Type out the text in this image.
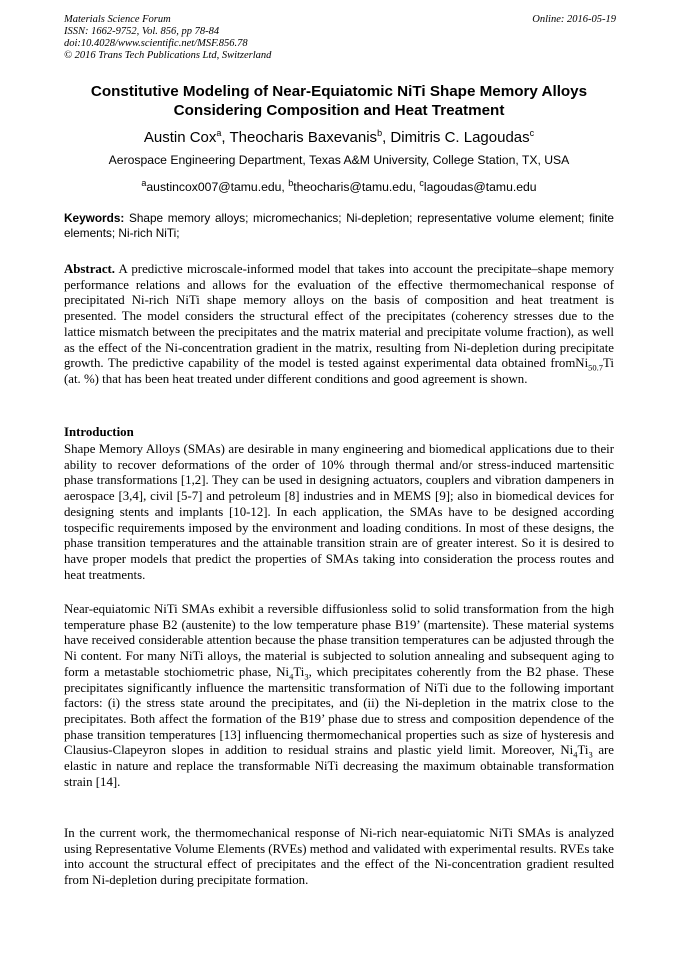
Materials Science Forum
ISSN: 1662-9752, Vol. 856, pp 78-84
doi:10.4028/www.scientific.net/MSF.856.78
© 2016 Trans Tech Publications Ltd, Switzerland
Online: 2016-05-19
Constitutive Modeling of Near-Equiatomic NiTi Shape Memory Alloys
Considering Composition and Heat Treatment
Austin Cox$^a$, Theocharis Baxevanis$^b$, Dimitris C. Lagoudas$^c$
Aerospace Engineering Department, Texas A&M University, College Station, TX, USA
$^a$austincox007@tamu.edu, $^b$theocharis@tamu.edu, $^c$lagoudas@tamu.edu
Keywords: Shape memory alloys; micromechanics; Ni-depletion; representative volume element; finite elements; Ni-rich NiTi;
Abstract. A predictive microscale-informed model that takes into account the precipitate–shape memory performance relations and allows for the evaluation of the effective thermomechanical response of precipitated Ni-rich NiTi shape memory alloys on the basis of composition and heat treatment is presented. The model considers the structural effect of the precipitates (coherency stresses due to the lattice mismatch between the precipitates and the matrix material and precipitate volume fraction), as well as the effect of the Ni-concentration gradient in the matrix, resulting from Ni-depletion during precipitate growth. The predictive capability of the model is tested against experimental data obtained fromNi$_{50.7}$Ti (at. %) that has been heat treated under different conditions and good agreement is shown.
Introduction
Shape Memory Alloys (SMAs) are desirable in many engineering and biomedical applications due to their ability to recover deformations of the order of 10% through thermal and/or stress-induced martensitic phase transformations [1,2]. They can be used in designing actuators, couplers and vibration dampeners in aerospace [3,4], civil [5-7] and petroleum [8] industries and in MEMS [9]; also in biomedical devices for designing stents and implants [10-12]. In each application, the SMAs have to be designed according tospecific requirements imposed by the environment and loading conditions. In most of these designs, the phase transition temperatures and the attainable transition strain are of greater interest. So it is desired to have proper models that predict the properties of SMAs taking into consideration the process routes and heat treatments.
Near-equiatomic NiTi SMAs exhibit a reversible diffusionless solid to solid transformation from the high temperature phase B2 (austenite) to the low temperature phase B19’ (martensite). These material systems have received considerable attention because the phase transition temperatures can be adjusted through the Ni content. For many NiTi alloys, the material is subjected to solution annealing and subsequent aging to form a metastable stochiometric phase, $Ni_4Ti_3$, which precipitates coherently from the B2 phase. These precipitates significantly influence the martensitic transformation of NiTi due to the following important factors: (i) the stress state around the precipitates, and (ii) the Ni-depletion in the matrix close to the precipitates. Both affect the formation of the B19’ phase due to stress and composition dependence of the phase transition temperatures [13] influencing thermomechanical properties such as size of hysteresis and Clausius-Clapeyron slopes in addition to residual strains and plastic yield limit. Moreover, $Ni_4Ti_3$ are elastic in nature and replace the transformable NiTi decreasing the maximum obtainable transformation strain [14].
In the current work, the thermomechanical response of Ni-rich near-equiatomic NiTi SMAs is analyzed using Representative Volume Elements (RVEs) method and validated with experimental results. RVEs take into account the structural effect of precipitates and the effect of the Ni-concentration gradient resulted from Ni-depletion during precipitate formation.
